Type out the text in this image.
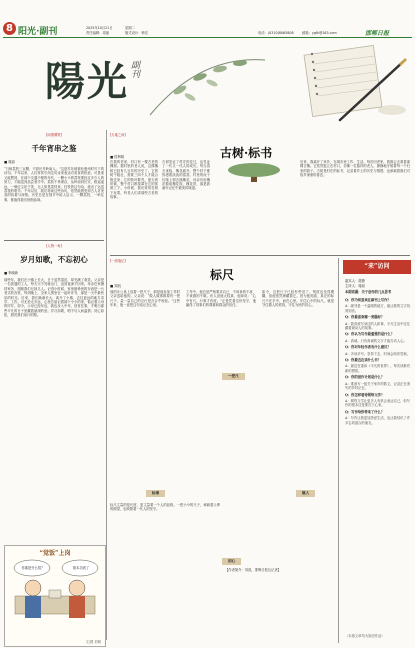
8 阳光·副刊	2025年10月21日	星期二
责任编辑：周丽	版式设计：韩宏	电话：(0310)8065808	邮箱：ygfk@163.com	邯郸日报
陽光 副刊
[闲情偶寄]
千年宵串之鉴
■ 周丽
“日啖荔枝三百颗，不辞长作岭南人。”这是苏东坡被贬惠州时写下的诗句。千年以来，人们常常引用这句诗来表达对美食的热爱。可是谁又能想到，在那个交通不便的年代，一颗小小的荔枝要经过多少人的努力，才能送到品尝者手中。荔枝不易保存，从岭南到长安，路途遥远，一骑红尘妃子笑，无人知是荔枝来。杜牧的这句诗，道出了运送荔枝的艰辛。千年以后，我们再读这些诗句，依然能感受到古人对美食的执着与深情。历史总是在细节中给人启示，一颗荔枝，一串往事，都值得我们细细品味。
[人物一角]
岁月如歌，不忘初心
■ 李晓新
那些年，我们在小镇上长大，日子虽然清贫，却充满了欢笑。父亲是一名普通的工人，每天天不亮就出门，直到夜深才回家。母亲在家操持家务，照顾我们兄妹几人。记得小时候，家里最珍贵的东西是一台老式收音机，每到晚上，全家人围坐在一起听评书，那是一天中最快乐的时光。后来，我们渐渐长大，离开了小镇，去往更远的地方求学、工作。可无论走多远，心里总惦记着那个小小的家，惦记着父母的叮咛。如今，父母已经年迈，我也步入中年，回首往事，才明白那些平凡的日子里藏着最深的爱。岁月如歌，唱不尽人间温情；初心如炬，照亮我们前行的路。
“觉饭”上岗
你那是什么招？	基本功到了
文/图 刘明
[天地之间]
古树·标书
■ 侯利明
在我的老家，村口有一棵古老的槐树。据村里的老人说，这棵槐树已经有几百年的历史了。它的树干粗壮，需要三四个人才能合抱过来；它的枝叶繁茂，夏天的时候，整个村口都笼罩在它的浓荫之下。小时候，我们常常在树下玩耍，听老人们讲那些古老的故事。
古树见证了村庄的变迁，也见证了一代又一代人的成长。每当春天来临，槐花盛开，整个村子都弥漫着淡淡的清香。村里的孩子们爬上树去摘槐花，母亲们用槐花做成槐花饭、槐花饼，那是我童年记忆中最美的味道。
后来，我离开了家乡，在城市里工作、生活。每次回老家，我都会去看看那棵古槐。它依然挺立在村口，仿佛一位慈祥的老人，静静地守候着每一个归来的游子。古树是村庄的标书，记录着乡土的历史与情感，也承载着我们对故乡深深的眷恋。
[一线笔记]
标尺
■ 刘凯
他的办公桌上放着一把尺子，那是他参加工作时父亲送给他的。父亲说：“做人做事都要有一把尺子，量一量自己的言行是否合乎规矩。”这些年来，他一直把这句话记在心里。
工作中，他总是严格要求自己，不该拿的不拿，不该做的不做。有人说他太较真，他却说：“心中有尺，行事才有度。”正是凭着这份坚守，他赢得了同事们的尊重和群众的信任。
如今，这把尺子已经有些旧了，刻度也变得模糊，但他依然珍藏着它。因为他知道，真正的标尺不在手中，而在心里。守住心中的标尺，就是守住做人的底线，守住为民的初心。
一把尺
标准	做人
初心
标尺丈量的是长度，更丈量着一个人的品格。一把小小的尺子，承载着父辈的期望，也映照着一代人的坚守。
【作者简介：刘凯，邯郸日报社记者】
“来”访问
嘉宾人：胡捷
主持人：周丽
本期话题：关于创作的几点思考
Q：你为何喜欢在副刊上写作？
A：副刊是一个温暖的地方，能让我的文字找到知音。
Q：你最喜欢哪一类题材？
A：我喜欢写身边的人和事，平凡生活中往往藏着最动人的故事。
Q：你认为写作最重要的是什么？
A：真诚。只有真诚的文字才能打动人心。
Q：你对年轻作者有什么建议？
A：多读多写，坚持下去，时间会给你答案。
Q：你最近在读什么书？
A：最近在重读《平凡的世界》，每次读都有新的感悟。
Q：你的创作计划是什么？
A：准备写一组关于家乡的散文，记录正在消失的乡村记忆。
Q：你怎样看待网络文学？
A：网络文学让更多人有机会表达自己，但写作的根本还是要沉下心来。
Q：写作给你带来了什么？
A：写作让我更加热爱生活，也让我结识了许多志同道合的朋友。
（本版文章均为原创作品）
